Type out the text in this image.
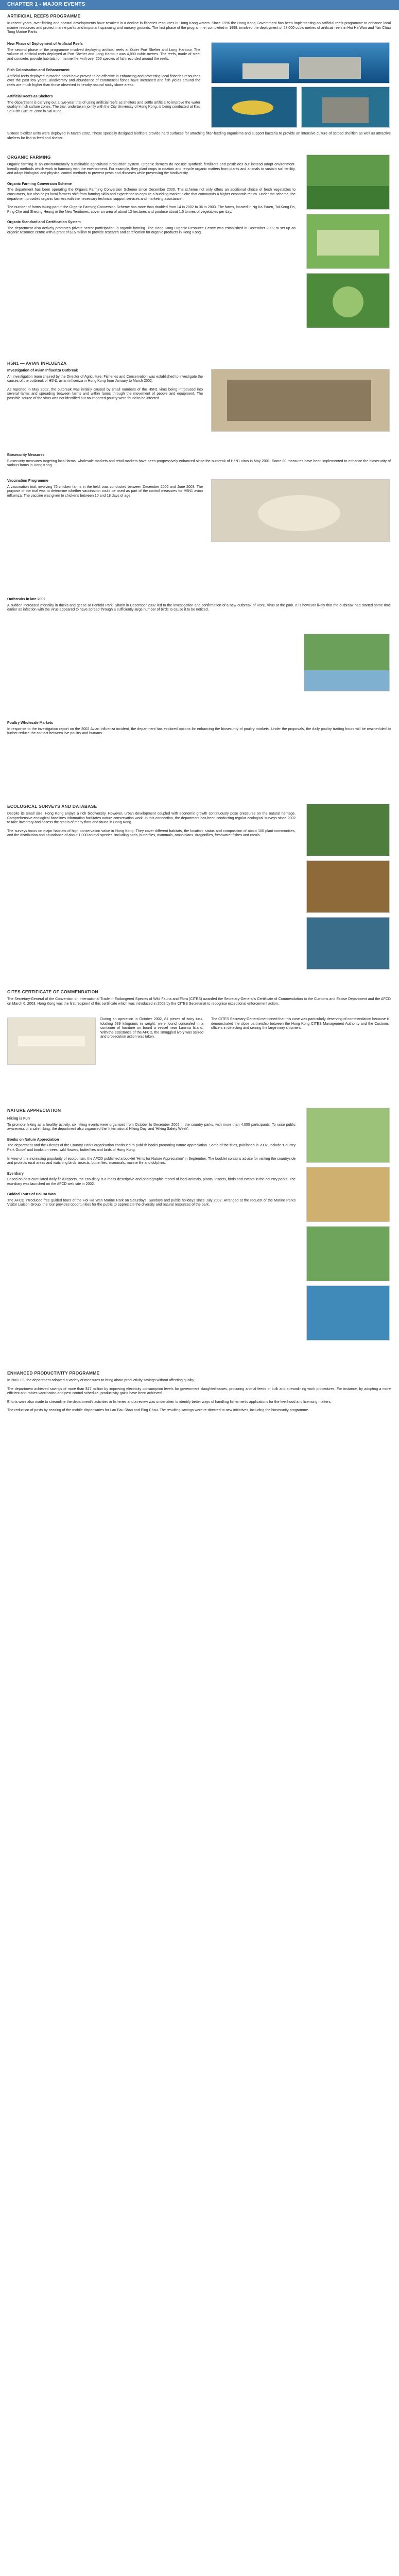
CHAPTER 1 - MAJOR EVENTS
ARTIFICIAL REEFS PROGRAMME

In recent years, over fishing and coastal developments have resulted in a decline in fisheries resources in Hong Kong waters. Since 1996 the Hong Kong Government has been implementing an artificial reefs programme to enhance local marine resources and protect marine parks and important spawning and nursery grounds. The first phase of the programme, completed in 1998, involved the deployment of 28,000 cubic metres of artificial reefs in Hoi Ha Wan and Yan Chau Tong Marine Parks.

New Phase of Deployment of Artificial Reefs

The second phase of the programme involved deploying artificial reefs at Outer Port Shelter and Long Harbour. The volume of artificial reefs deployed at Port Shelter and Long Harbour was 4,800 cubic metres. The reefs, made of steel and concrete, provide habitats for marine life, with over 200 species of fish recorded around the reefs.

Fish Colonisation and Enhancement

Artificial reefs deployed in marine parks have proved to be effective in enhancing and protecting local fisheries resources over the past few years. Biodiversity and abundance of commercial fishes have increased and fish yields around the reefs are much higher than those observed in nearby natural rocky shore areas.

Artificial Reefs as Shelters

The department is carrying out a two-year trial of using artificial reefs as shelters and settle artificial to improve the water quality in fish culture zones. The trial, undertaken jointly with the City University of Hong Kong, is being conducted at Kau Sai Fish Culture Zone in Sai Kung.

Sixteen biofilter units were deployed in March 2002. These specially designed biofilters provide hard surfaces for attaching filter-feeding organisms and support bacteria to provide an intensive culture of settled shellfish as well as attractive shelters for fish to feed and shelter.

ORGANIC FARMING

Organic farming is an environmentally sustainable agricultural production system. Organic farmers do not use synthetic fertilizers and pesticides but instead adopt environment-friendly methods which work in harmony with the environment. For example, they plant crops in rotation and recycle organic matters from plants and animals to sustain soil fertility, and adopt biological and physical control methods to prevent pests and diseases while preserving the biodiversity.

Organic Farming Conversion Scheme

The department has been operating the Organic Farming Conversion Scheme since December 2000. The scheme not only offers an additional choice of fresh vegetables to consumers, but also helps local farmers shift from farming skills and experience to capture a budding market niche that commands a higher economic return. Under the scheme, the department provided organic farmers with the necessary technical support services and marketing assistance.

The number of farms taking part in the Organic Farming Conversion Scheme has more than doubled from 14 in 2002 to 36 in 2003. The farms, located in Ng Ka Tsuen, Tai Kong Po, Ping Che and Sheung Heung in the New Territories, cover an area of about 13 hectares and produce about 1.5 tonnes of vegetables per day.

Organic Standard and Certification System

The department also actively promotes private sector participation in organic farming. The Hong Kong Organic Resource Centre was established in December 2002 to set up an organic resource centre with a grant of $16 million to provide research and certification for organic products in Hong Kong.

H5N1 — AVIAN INFLUENZA
Investigation of Avian Influenza Outbreak

An investigation team chaired by the Director of Agriculture, Fisheries and Conservation was established to investigate the causes of the outbreak of H5N1 avian influenza in Hong Kong from January to March 2002.

As reported in May 2002, the outbreak was initially caused by small numbers of the H5N1 virus being introduced into several farms and spreading between farms and within farms through the movement of people and equipment. The possible source of the virus was not identified but no imported poultry were found to be infected.

Biosecurity Measures

Biosecurity measures targeting local farms, wholesale markets and retail markets have been progressively enhanced since the outbreak of H5N1 virus in May 2001. Some 80 measures have been implemented to enhance the biosecurity of various farms in Hong Kong.

Vaccination Programme

A vaccination trial, involving 76 chicken farms in the field, was conducted between December 2002 and June 2003. The purpose of the trial was to determine whether vaccination could be used as part of the control measures for H5N1 avian influenza. The vaccine was given to chickens between 10 and 18 days of age.

Outbreaks in late 2002

A sudden increased mortality in ducks and geese at Penfold Park, Shatin in December 2002 led to the investigation and confirmation of a new outbreak of H5N1 virus at the park. It is however likely that the outbreak had started some time earlier as infection with the virus appeared to have spread through a sufficiently large number of birds to cause it to be noticed.

Poultry Wholesale Markets

In response to the investigation report on the 2002 Avian Influenza incident, the department has explored options for enhancing the biosecurity of poultry markets. Under the proposals, the daily poultry trading hours will be rescheduled to further reduce the contact between live poultry and humans.

ECOLOGICAL SURVEYS AND DATABASE

Despite its small size, Hong Kong enjoys a rich biodiversity. However, urban development coupled with economic growth continuously pose pressures on the natural heritage. Comprehensive ecological baselines information facilitates nature conservation work. In this connection, the department has been conducting regular ecological surveys since 2002 to take inventory and assess the status of many flora and fauna in Hong Kong.

The surveys focus on major habitats of high conservation value in Hong Kong. They cover different habitats, the location, status and composition of about 100 plant communities, and the distribution and abundance of about 1,000 animal species, including birds, butterflies, mammals, amphibians, dragonflies, freshwater fishes and corals.

CITES CERTIFICATE OF COMMENDATION

The Secretary-General of the Convention on International Trade in Endangered Species of Wild Fauna and Flora (CITES) awarded the Secretary-General's Certificate of Commendation to the Customs and Excise Department and the AFCD on March 6, 2003. Hong Kong was the first recipient of this certificate which was introduced in 2002 by the CITES Secretariat to recognise exceptional enforcement action.

During an operation in October 2002, 81 pieces of ivory tusk, totalling 639 kilograms in weight, were found concealed in a container of furniture on board a vessel near Lamma Island. With the assistance of the AFCD, the smuggled ivory was seized and prosecution action was taken.

The CITES Secretary-General mentioned that this case was particularly deserving of commendation because it demonstrated the close partnership between the Hong Kong CITES Management Authority and the Customs officers in detecting and seizing the large ivory shipment.

NATURE APPRECIATION
Hiking is Fun

To promote hiking as a healthy activity, six hiking events were organised from October to December 2002 in the country parks, with more than 4,000 participants. To raise public awareness of a safe hiking, the department also organised the 'International Hiking Day' and 'Hiking Safety Week'.

Books on Nature Appreciation

The department and the Friends of the Country Parks organisation continued to publish books promoting nature appreciation. Some of the titles, published in 2002, include 'Country Park Guide' and books on trees, wild flowers, butterflies and birds of Hong Kong.

In view of the increasing popularity of ecotourism, the AFCD published a booklet 'Hints for Nature Appreciation' in September. The booklet contains advice for visiting the countryside and protects rural areas and watching birds, insects, butterflies, mammals, marine life and dolphins.

Everdiary

Based on past cumulated daily field reports, the eco-diary is a mass descriptive and photographic record of local animals, plants, insects, birds and events in the country parks. The eco-diary was launched on the AFCD web site in 2002.

Guided Tours of Hoi Ha Wan

The AFCD introduced free guided tours of the Hoi Ha Wan Marine Park on Saturdays, Sundays and public holidays since July 2002. Arranged at the request of the Marine Parks Visitor Liaison Group, the tour provides opportunities for the public to appreciate the diversity and natural resources of the park.

ENHANCED PRODUCTIVITY PROGRAMME

In 2002-03, the department adopted a variety of measures to bring about productivity savings without affecting quality.

The department achieved savings of more than $17 million by improving electricity consumption levels for government slaughterhouses, procuring animal feeds in bulk and streamlining work procedures. For instance, by adopting a more efficient anti-rabies vaccination and pest control schedule, productivity gains have been achieved.

Efforts were also made to streamline the department's activities in fisheries and a review was undertaken to identify better ways of handling fishermen's applications for the livelihood and licensing matters.

The reduction of posts by ceasing of the mobile dispensaries for Lau Fau Shan and Ping Chau. The resulting savings were re-directed to new initiatives, including the biosecurity programme.
